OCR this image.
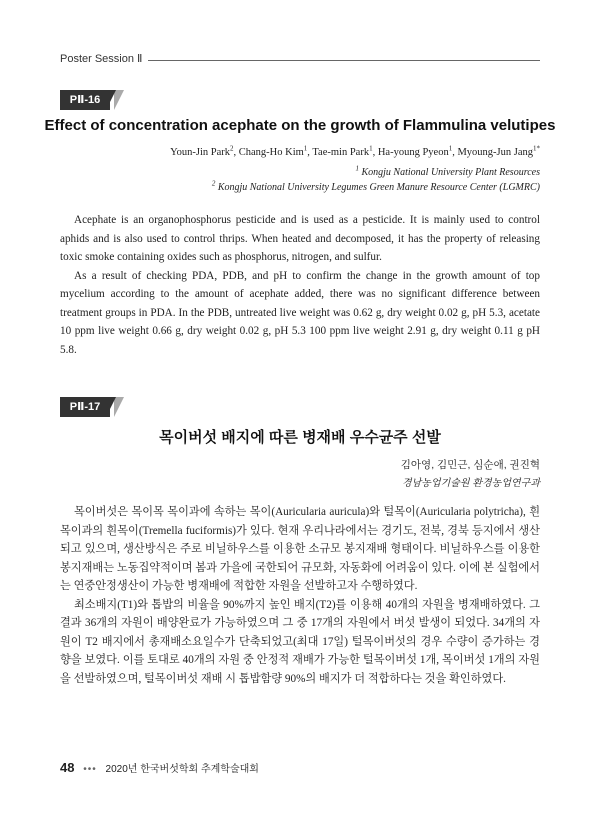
Poster Session Ⅱ
PⅡ-16
Effect of concentration acephate on the growth of Flammulina velutipes
Youn-Jin Park$^2$, Chang-Ho Kim$^1$, Tae-min Park$^1$, Ha-young Pyeon$^1$, Myoung-Jun Jang$^{1*}$
$^1$ Kongju National University Plant Resources
$^2$ Kongju National University Legumes Green Manure Resource Center (LGMRC)

Acephate is an organophosphorus pesticide and is used as a pesticide. It is mainly used to control aphids and is also used to control thrips. When heated and decomposed, it has the property of releasing toxic smoke containing oxides such as phosphorus, nitrogen, and sulfur.

As a result of checking PDA, PDB, and pH to confirm the change in the growth amount of top mycelium according to the amount of acephate added, there was no significant difference between treatment groups in PDA. In the PDB, untreated live weight was 0.62 g, dry weight 0.02 g, pH 5.3, acetate 10 ppm live weight 0.66 g, dry weight 0.02 g, pH 5.3 100 ppm live weight 2.91 g, dry weight 0.11 g pH 5.8.

PⅡ-17
목이버섯 배지에 따른 병재배 우수균주 선발
김아영, 김민근, 심순애, 권진혁
경남농업기술원 환경농업연구과

목이버섯은 목이목 목이과에 속하는 목이(Auricularia auricula)와 털목이(Auricularia polytricha), 흰목이과의 흰목이(Tremella fuciformis)가 있다. 현재 우리나라에서는 경기도, 전북, 경북 등지에서 생산되고 있으며, 생산방식은 주로 비닐하우스를 이용한 소규모 봉지재배 형태이다. 비닐하우스를 이용한 봉지재배는 노동집약적이며 봄과 가을에 국한되어 규모화, 자동화에 어려움이 있다. 이에 본 실험에서는 연중안정생산이 가능한 병재배에 적합한 자원을 선발하고자 수행하였다.

최소배지(T1)와 톱밥의 비율을 90%까지 높인 배지(T2)를 이용해 40개의 자원을 병재배하였다. 그 결과 36개의 자원이 배양완료가 가능하였으며 그 중 17개의 자원에서 버섯 발생이 되었다. 34개의 자원이 T2 배지에서 총재배소요일수가 단축되었고(최대 17일) 털목이버섯의 경우 수량이 증가하는 경향을 보였다. 이를 토대로 40개의 자원 중 안정적 재배가 가능한 털목이버섯 1개, 목이버섯 1개의 자원을 선발하였으며, 털목이버섯 재배 시 톱밥함량 90%의 배지가 더 적합하다는 것을 확인하였다.

48 ••• 2020년 한국버섯학회 추계학술대회
